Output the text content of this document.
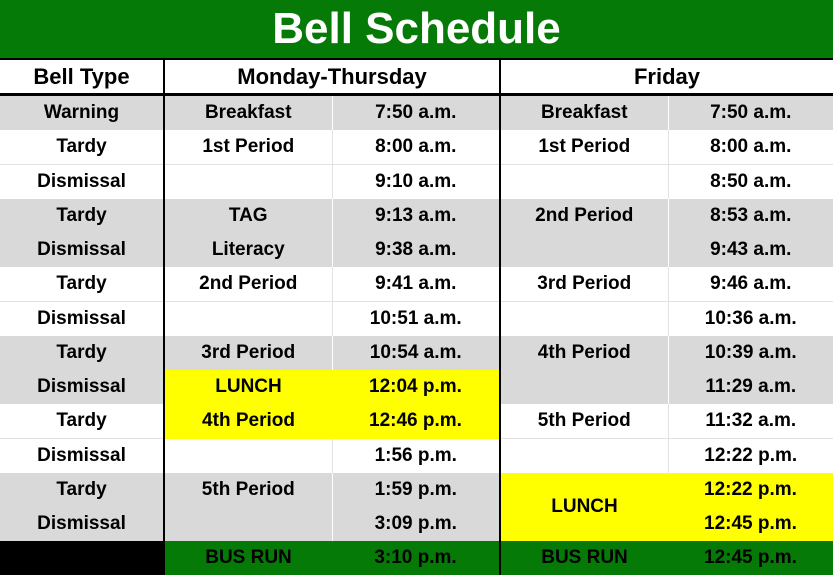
Bell Schedule
Bell Type	Monday-Thursday		Friday	
Warning	Breakfast	7:50 a.m.	Breakfast	7:50 a.m.
Tardy	1st Period	8:00 a.m.	1st Period	8:00 a.m.
Dismissal		9:10 a.m.		8:50 a.m.
Tardy	TAG	9:13 a.m.	2nd Period	8:53 a.m.
Dismissal	Literacy	9:38 a.m.		9:43 a.m.
Tardy	2nd Period	9:41 a.m.	3rd Period	9:46 a.m.
Dismissal		10:51 a.m.		10:36 a.m.
Tardy	3rd Period	10:54 a.m.	4th Period	10:39 a.m.
Dismissal	LUNCH	12:04 p.m.		11:29 a.m.
Tardy	4th Period	12:46 p.m.	5th Period	11:32 a.m.
Dismissal		1:56 p.m.		12:22 p.m.
Tardy	5th Period	1:59 p.m.	LUNCH	12:22 p.m.
Dismissal		3:09 p.m.		12:45 p.m.
	BUS RUN	3:10 p.m.	BUS RUN	12:45 p.m.
